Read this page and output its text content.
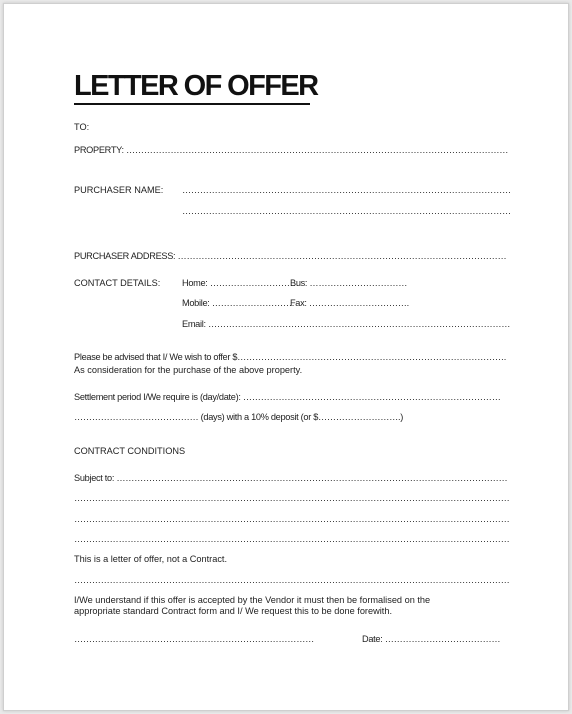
LETTER OF OFFER
TO:
PROPERTY: …………………………………………………………………………………………………………………
PURCHASER NAME: …………………………………………………………………………………………………
…………………………………………………………………………………………………
PURCHASER ADDRESS: …………………………………………………………………………………………………
CONTACT DETAILS: Home: …………………………
Bus: ……………………………
Mobile: ……………………….
Fax: …………………………….
Email: …………………………………………………………………………………………
Please be advised that I/ We wish to offer $……………………………………………………………………………….
As consideration for the purchase of the above property.
Settlement period I/We require is (day/date): ……………………………………………………………………………
…………………………………… (days) with a 10% deposit (or $……………………….)
CONTRACT CONDITIONS
Subject to: ……………………………………………………………………………………………………………………
…………………………………………………………………………………………………………………………………
…………………………………………………………………………………………………………………………………
…………………………………………………………………………………………………………………………………
This is a letter of offer, not a Contract.
…………………………………………………………………………………………………………………………………
I/We understand if this offer is accepted by the Vendor it must then be formalised on the
appropriate standard Contract form and I/ We request this to be done forewith.
………………………………………………………………………	Date: …………………………………
